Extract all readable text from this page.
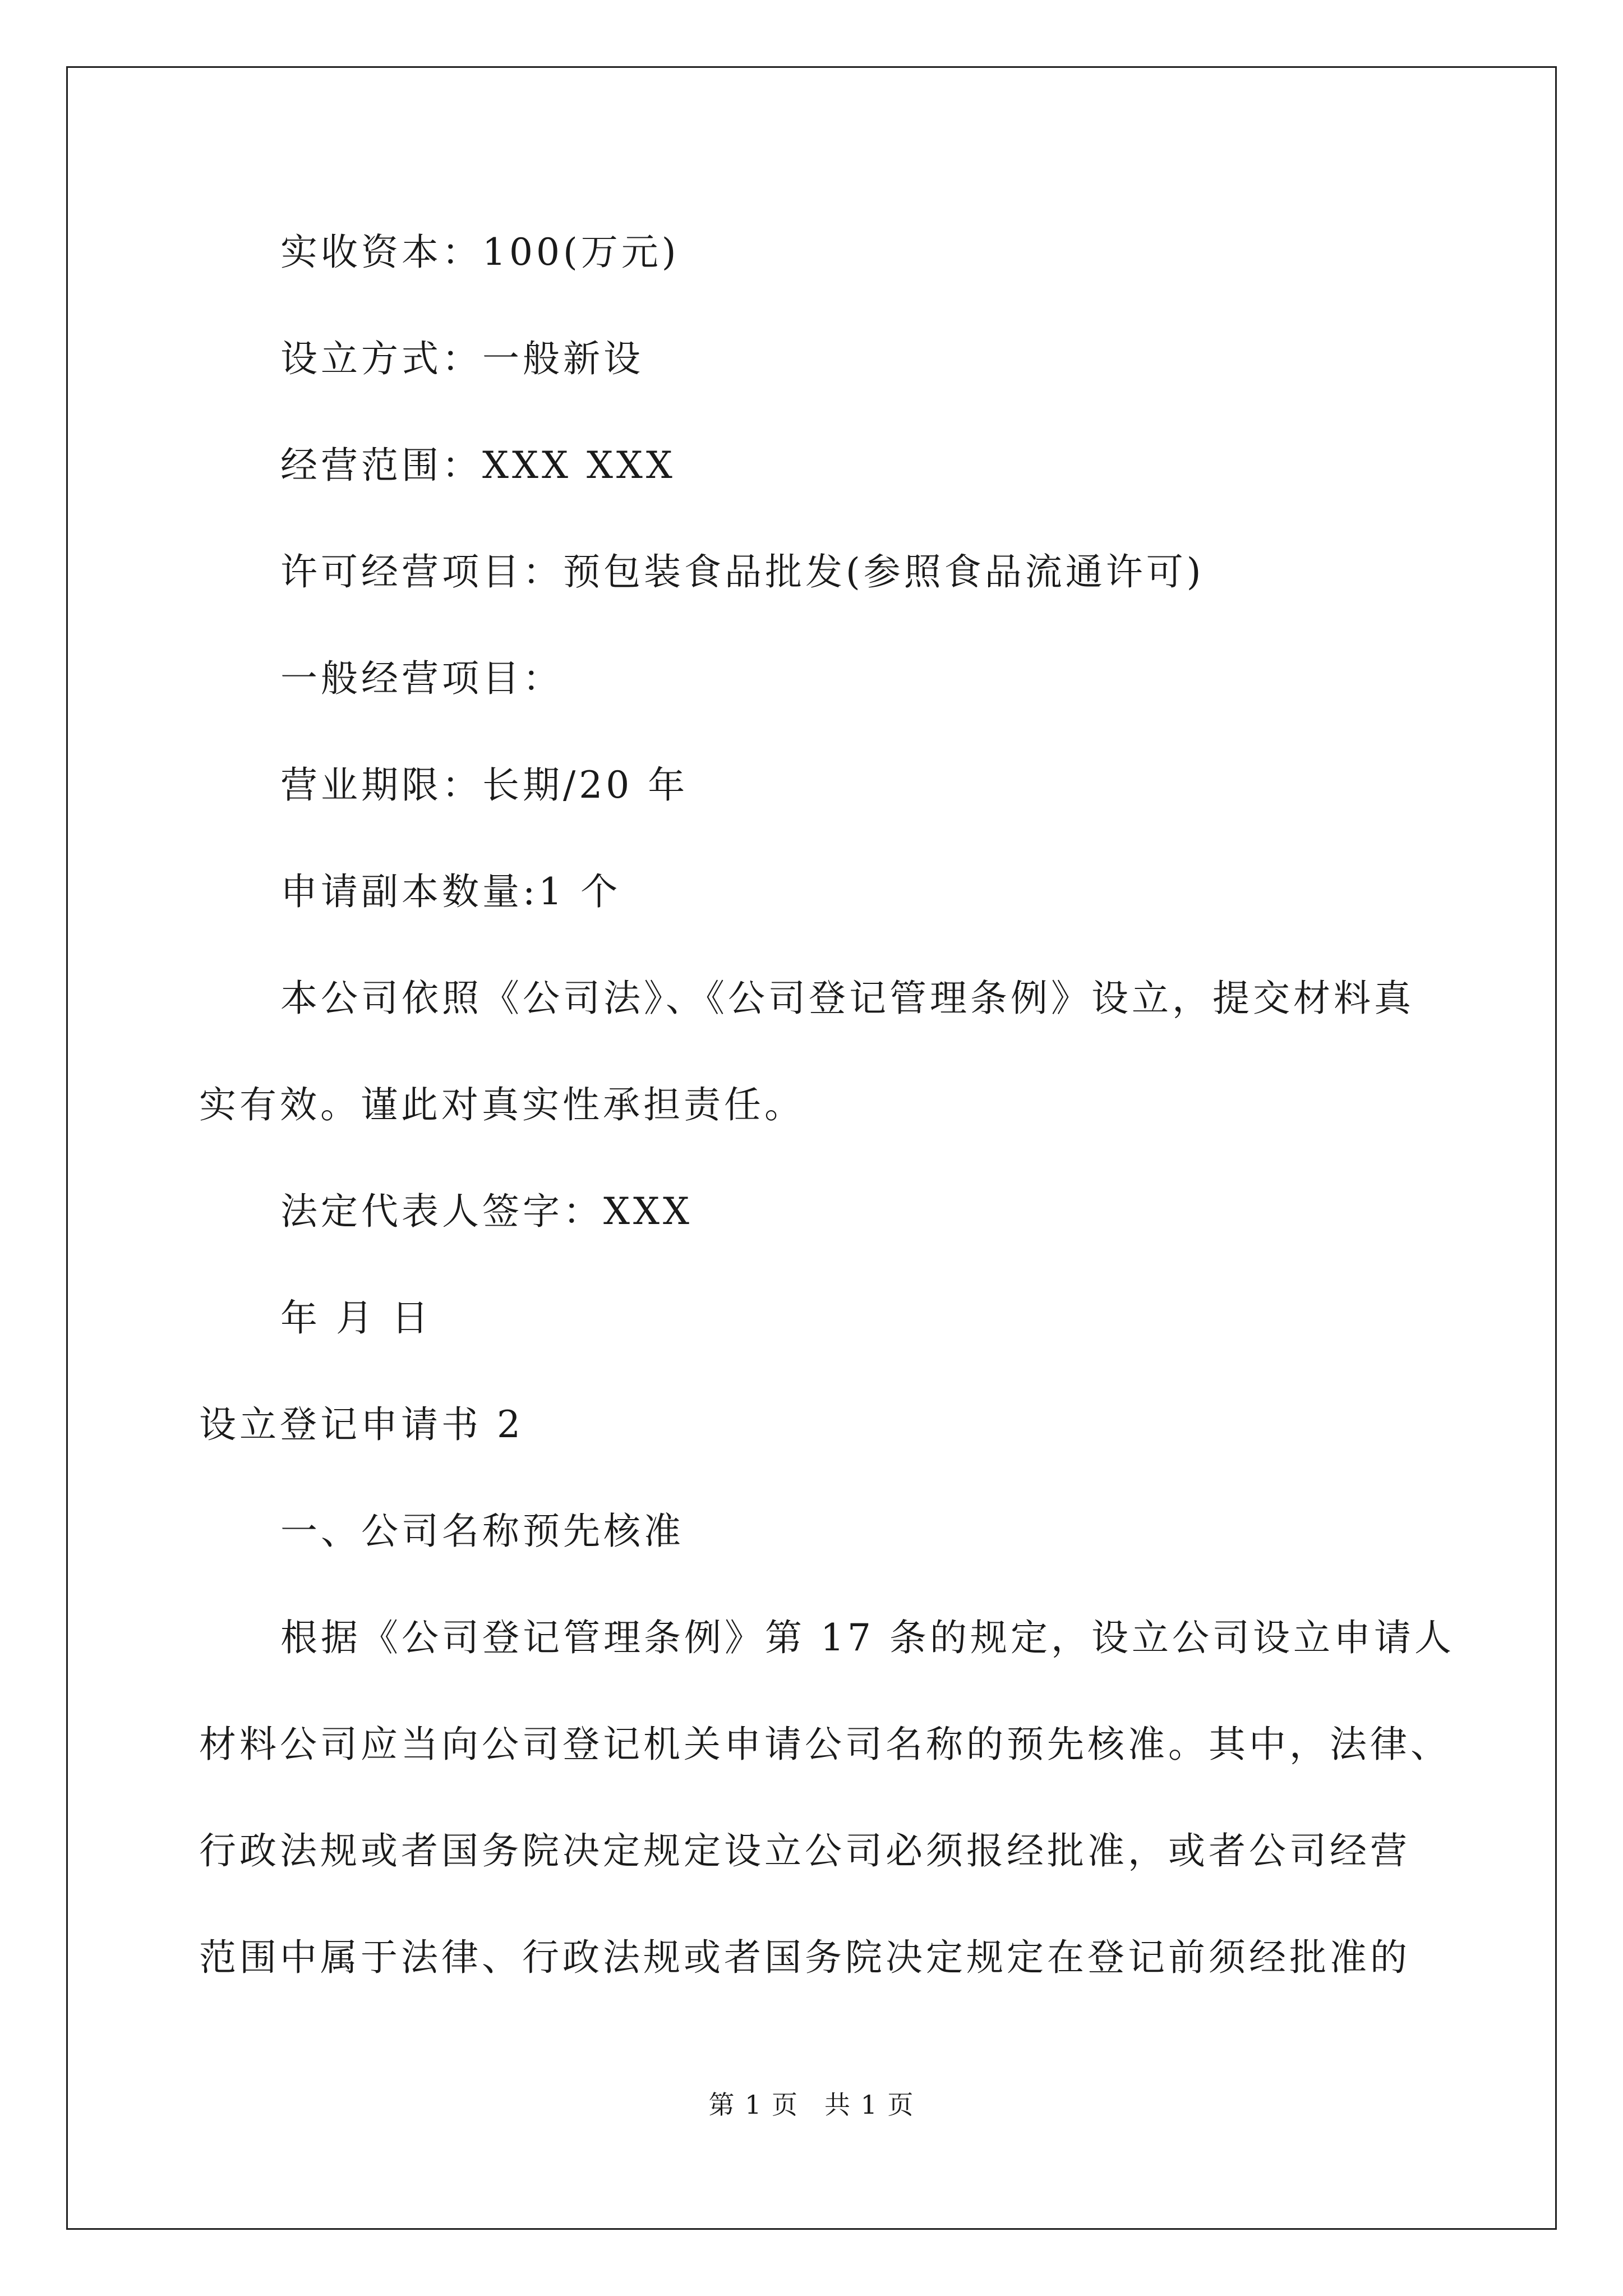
实收资本：100(万元)
设立方式：一般新设
经营范围：XXX XXX
许可经营项目：预包装食品批发(参照食品流通许可)
一般经营项目：
营业期限：长期/20 年
申请副本数量:1 个
本公司依照《公司法》、《公司登记管理条例》设立，提交材料真
实有效。谨此对真实性承担责任。
法定代表人签字：XXX
年 月 日
设立登记申请书 2
一、公司名称预先核准
根据《公司登记管理条例》第 17 条的规定，设立公司设立申请人
材料公司应当向公司登记机关申请公司名称的预先核准。其中，法律、
行政法规或者国务院决定规定设立公司必须报经批准，或者公司经营
范围中属于法律、行政法规或者国务院决定规定在登记前须经批准的
第 1 页 共 1 页
